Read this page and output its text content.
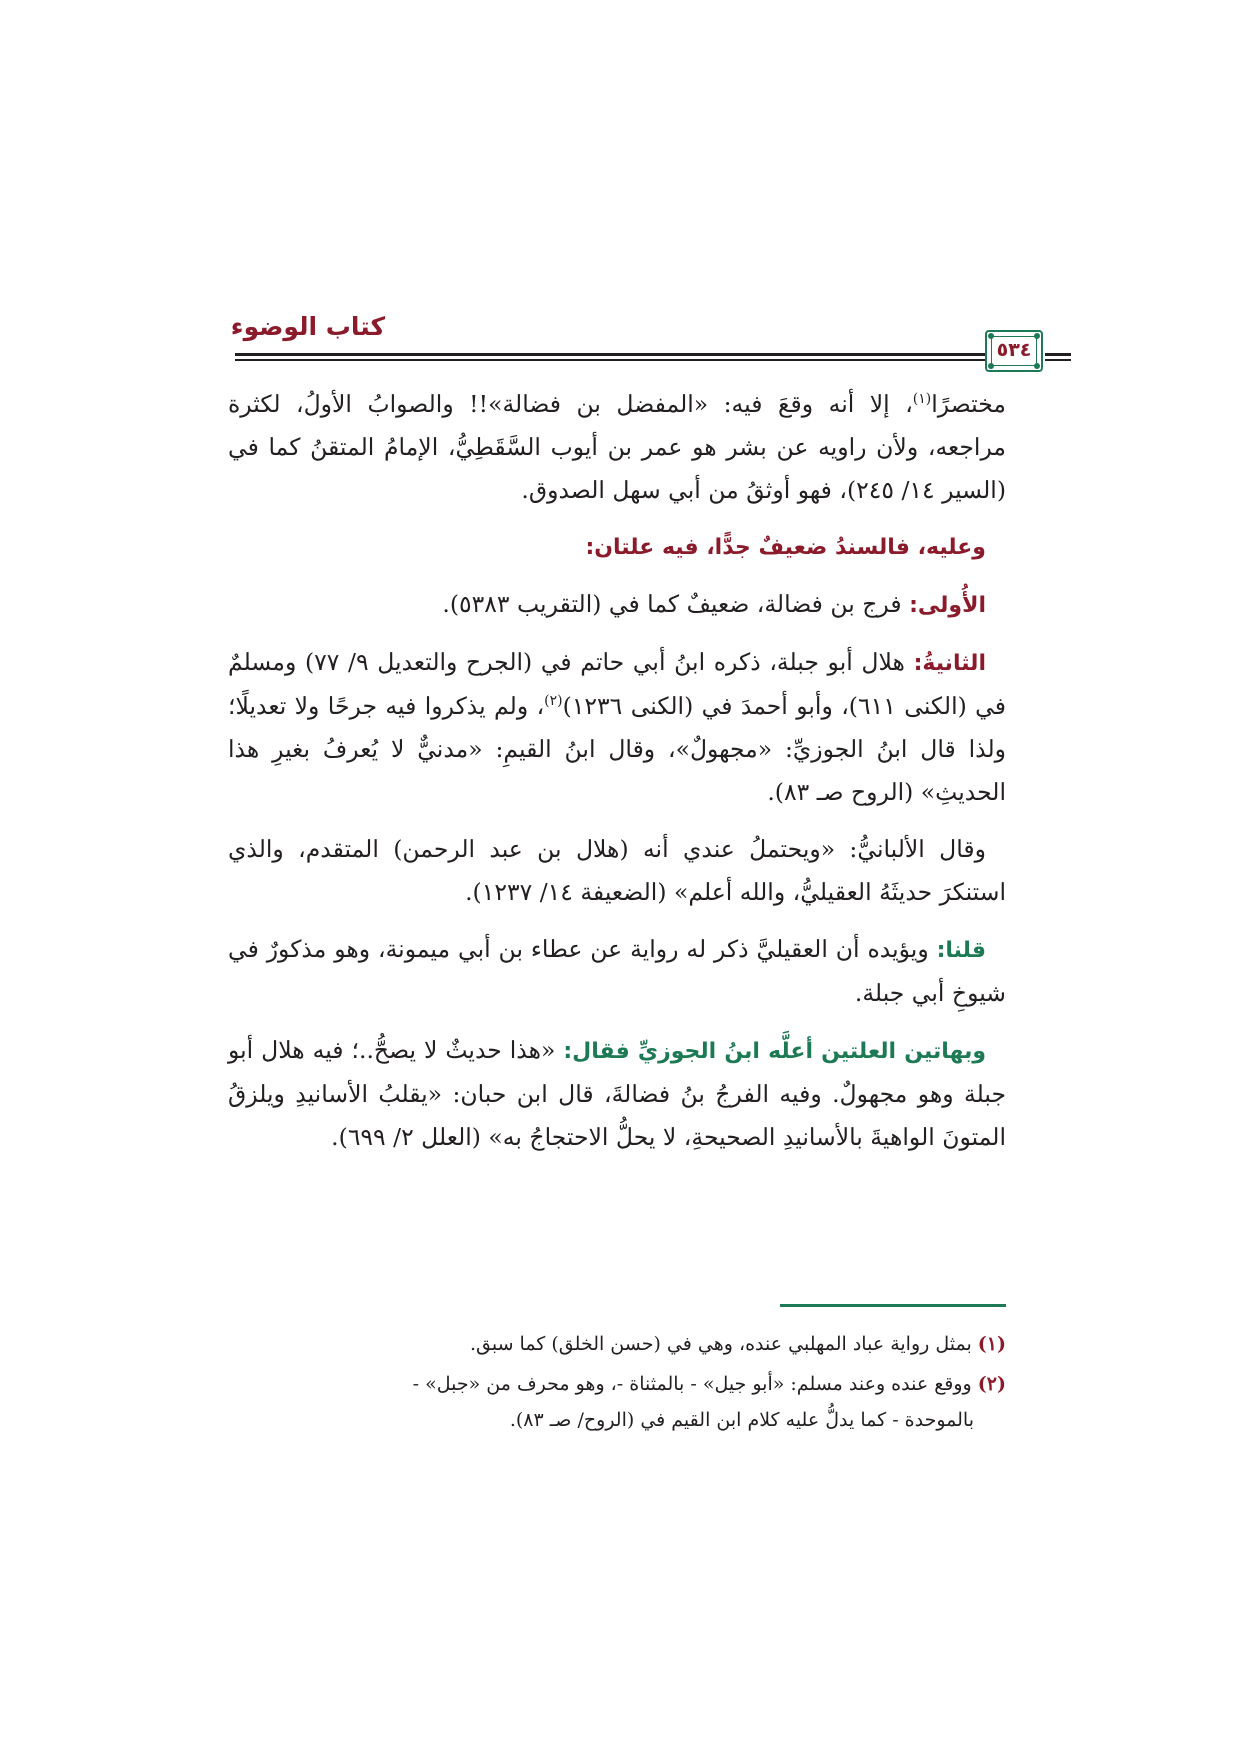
كتاب الوضوء
٥٣٤

مختصرًا$^{(١)}$، إلا أنه وقعَ فيه: «المفضل بن فضالة»!! والصوابُ الأولُ، لكثرة مراجعه، ولأن راويه عن بشر هو عمر بن أيوب السَّقَطِيُّ، الإمامُ المتقنُ كما في (السير ١٤/ ٢٤٥)، فهو أوثقُ من أبي سهل الصدوق.

وعليه، فالسندُ ضعيفٌ جدًّا، فيه علتان:

الأُولى: فرج بن فضالة، ضعيفٌ كما في (التقريب ٥٣٨٣).

الثانيةُ: هلال أبو جبلة، ذكره ابنُ أبي حاتم في (الجرح والتعديل ٩/ ٧٧) ومسلمٌ في (الكنى ٦١١)، وأبو أحمدَ في (الكنى ١٢٣٦)$^{(٢)}$، ولم يذكروا فيه جرحًا ولا تعديلًا؛ ولذا قال ابنُ الجوزيِّ: «مجهولٌ»، وقال ابنُ القيمِ: «مدنيٌّ لا يُعرفُ بغيرِ هذا الحديثِ» (الروح صـ ٨٣).

وقال الألبانيُّ: «ويحتملُ عندي أنه (هلال بن عبد الرحمن) المتقدم، والذي استنكرَ حديثَهُ العقيليُّ، والله أعلم» (الضعيفة ١٤/ ١٢٣٧).

قلنا: ويؤيده أن العقيليَّ ذكر له رواية عن عطاء بن أبي ميمونة، وهو مذكورٌ في شيوخِ أبي جبلة.

وبهاتين العلتين أعلَّه ابنُ الجوزيِّ فقال: «هذا حديثٌ لا يصحُّ..؛ فيه هلال أبو جبلة وهو مجهولٌ. وفيه الفرجُ بنُ فضالةَ، قال ابن حبان: «يقلبُ الأسانيدِ ويلزقُ المتونَ الواهيةَ بالأسانيدِ الصحيحةِ، لا يحلُّ الاحتجاجُ به» (العلل ٢/ ٦٩٩).

(١) بمثل رواية عباد المهلبي عنده، وهي في (حسن الخلق) كما سبق.

(٢) ووقع عنده وعند مسلم: «أبو جيل» - بالمثناة -، وهو محرف من «جبل» -
بالموحدة - كما يدلُّ عليه كلام ابن القيم في (الروح/ صـ ٨٣).
